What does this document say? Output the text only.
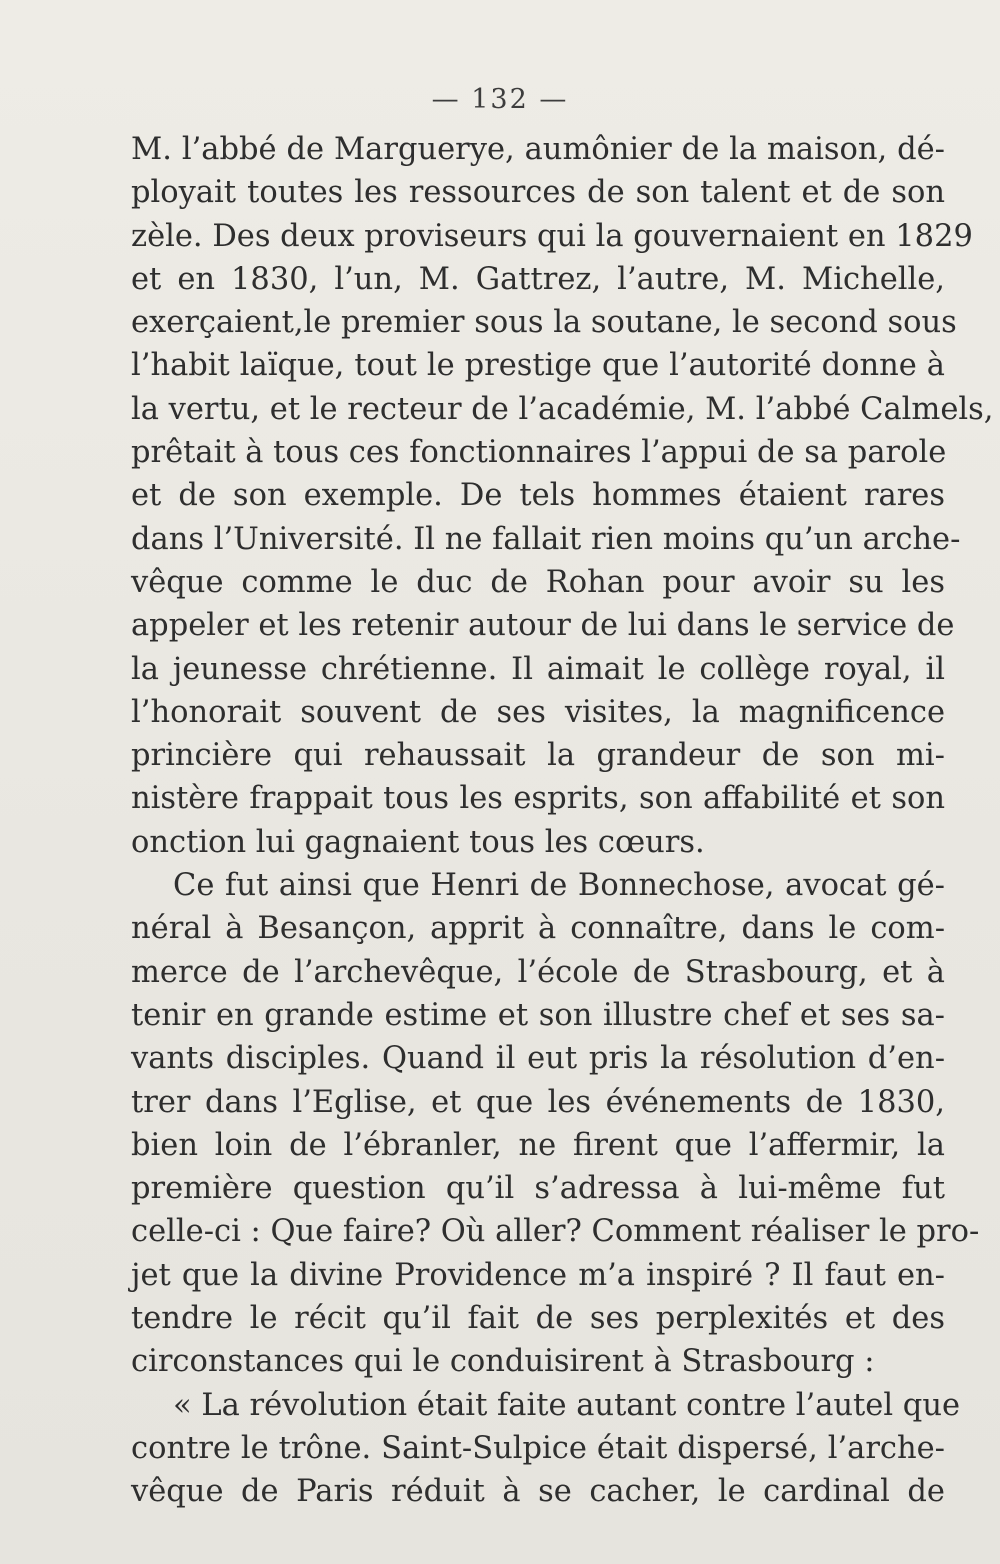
— 132 —
M. l’abbé de Marguerye, aumônier de la maison, dé-
ployait toutes les ressources de son talent et de son
zèle. Des deux proviseurs qui la gouvernaient en 1829
et en 1830, l’un, M. Gattrez, l’autre, M. Michelle,
exerçaient,le premier sous la soutane, le second sous
l’habit laïque, tout le prestige que l’autorité donne à
la vertu, et le recteur de l’académie, M. l’abbé Calmels,
prêtait à tous ces fonctionnaires l’appui de sa parole
et de son exemple. De tels hommes étaient rares
dans l’Université. Il ne fallait rien moins qu’un arche-
vêque comme le duc de Rohan pour avoir su les
appeler et les retenir autour de lui dans le service de
la jeunesse chrétienne. Il aimait le collège royal, il
l’honorait souvent de ses visites, la magnificence
princière qui rehaussait la grandeur de son mi-
nistère frappait tous les esprits, son affabilité et son
onction lui gagnaient tous les cœurs.
Ce fut ainsi que Henri de Bonnechose, avocat gé-
néral à Besançon, apprit à connaître, dans le com-
merce de l’archevêque, l’école de Strasbourg, et à
tenir en grande estime et son illustre chef et ses sa-
vants disciples. Quand il eut pris la résolution d’en-
trer dans l’Eglise, et que les événements de 1830,
bien loin de l’ébranler, ne firent que l’affermir, la
première question qu’il s’adressa à lui-même fut
celle-ci : Que faire? Où aller? Comment réaliser le pro-
jet que la divine Providence m’a inspiré ? Il faut en-
tendre le récit qu’il fait de ses perplexités et des
circonstances qui le conduisirent à Strasbourg :
« La révolution était faite autant contre l’autel que
contre le trône. Saint-Sulpice était dispersé, l’arche-
vêque de Paris réduit à se cacher, le cardinal de
